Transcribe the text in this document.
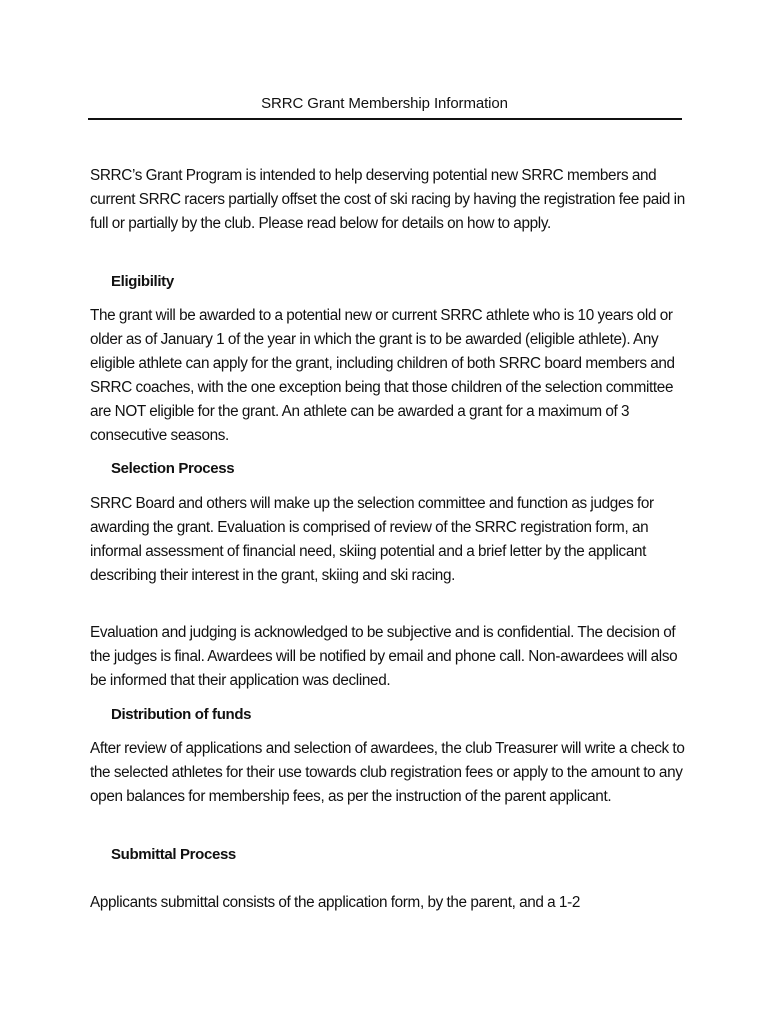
SRRC Grant Membership Information

SRRC’s Grant Program is intended to help deserving potential new SRRC members and current SRRC racers partially offset the cost of ski racing by having the registration fee paid in full or partially by the club. Please read below for details on how to apply.

Eligibility

The grant will be awarded to a potential new or current SRRC athlete who is 10 years old or older as of January 1 of the year in which the grant is to be awarded (eligible athlete). Any eligible athlete can apply for the grant, including children of both SRRC board members and SRRC coaches, with the one exception being that those children of the selection committee are NOT eligible for the grant. An athlete can be awarded a grant for a maximum of 3 consecutive seasons.

Selection Process

SRRC Board and others will make up the selection committee and function as judges for awarding the grant. Evaluation is comprised of review of the SRRC registration form, an informal assessment of financial need, skiing potential and a brief letter by the applicant describing their interest in the grant, skiing and ski racing.

Evaluation and judging is acknowledged to be subjective and is confidential. The decision of the judges is final. Awardees will be notified by email and phone call. Non-awardees will also be informed that their application was declined.

Distribution of funds

After review of applications and selection of awardees, the club Treasurer will write a check to the selected athletes for their use towards club registration fees or apply to the amount to any open balances for membership fees, as per the instruction of the parent applicant.

Submittal Process

Applicants submittal consists of the application form, by the parent, and a 1-2
